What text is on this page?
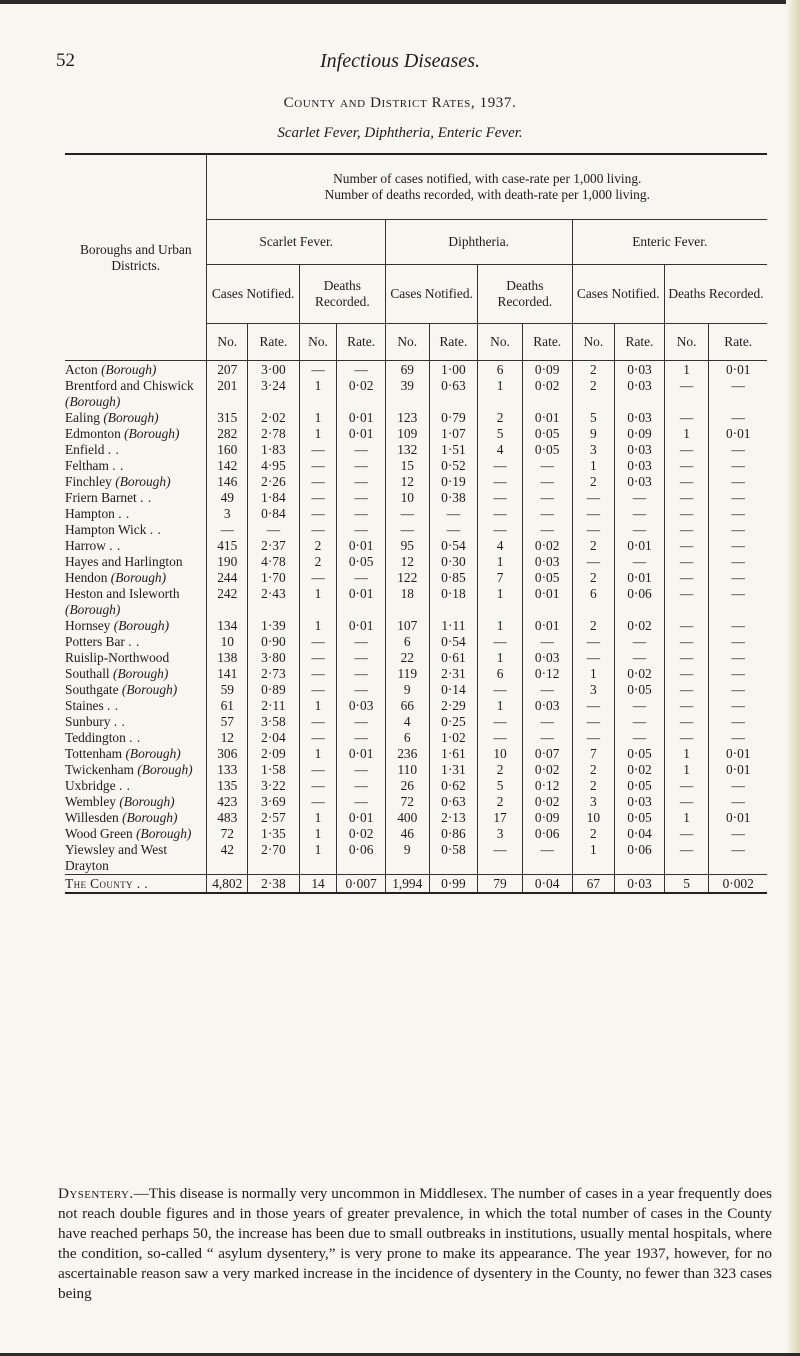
52	Infectious Diseases.
County and District Rates, 1937.
Scarlet Fever, Diphtheria, Enteric Fever.
Boroughs and Urban Districts.	Number of cases notified, with case-rate per 1,000 living.
Number of deaths recorded, with death-rate per 1,000 living.											

	Scarlet Fever.				Diphtheria.				Enteric Fever.			
	Cases Notified.		Deaths Recorded.		Cases Notified.		Deaths Recorded.		Cases Notified.		Deaths Recorded.	
	No.	Rate.	No.	Rate.	No.	Rate.	No.	Rate.	No.	Rate.	No.	Rate.
Acton (Borough)	207	3·00	—	—	69	1·00	6	0·09	2	0·03	1	0·01
Brentford and Chiswick (Borough)	201	3·24	1	0·02	39	0·63	1	0·02	2	0·03	—	—
Ealing (Borough)	315	2·02	1	0·01	123	0·79	2	0·01	5	0·03	—	—
Edmonton (Borough)	282	2·78	1	0·01	109	1·07	5	0·05	9	0·09	1	0·01
Enfield . .	160	1·83	—	—	132	1·51	4	0·05	3	0·03	—	—
Feltham . .	142	4·95	—	—	15	0·52	—	—	1	0·03	—	—
Finchley (Borough)	146	2·26	—	—	12	0·19	—	—	2	0·03	—	—
Friern Barnet . .	49	1·84	—	—	10	0·38	—	—	—	—	—	—
Hampton . .	3	0·84	—	—	—	—	—	—	—	—	—	—
Hampton Wick . .	—	—	—	—	—	—	—	—	—	—	—	—
Harrow . .	415	2·37	2	0·01	95	0·54	4	0·02	2	0·01	—	—
Hayes and Harlington	190	4·78	2	0·05	12	0·30	1	0·03	—	—	—	—
Hendon (Borough)	244	1·70	—	—	122	0·85	7	0·05	2	0·01	—	—
Heston and Isleworth (Borough)	242	2·43	1	0·01	18	0·18	1	0·01	6	0·06	—	—
Hornsey (Borough)	134	1·39	1	0·01	107	1·11	1	0·01	2	0·02	—	—
Potters Bar . .	10	0·90	—	—	6	0·54	—	—	—	—	—	—
Ruislip-Northwood	138	3·80	—	—	22	0·61	1	0·03	—	—	—	—
Southall (Borough)	141	2·73	—	—	119	2·31	6	0·12	1	0·02	—	—
Southgate (Borough)	59	0·89	—	—	9	0·14	—	—	3	0·05	—	—
Staines . .	61	2·11	1	0·03	66	2·29	1	0·03	—	—	—	—
Sunbury . .	57	3·58	—	—	4	0·25	—	—	—	—	—	—
Teddington . .	12	2·04	—	—	6	1·02	—	—	—	—	—	—
Tottenham (Borough)	306	2·09	1	0·01	236	1·61	10	0·07	7	0·05	1	0·01
Twickenham (Borough)	133	1·58	—	—	110	1·31	2	0·02	2	0·02	1	0·01
Uxbridge . .	135	3·22	—	—	26	0·62	5	0·12	2	0·05	—	—
Wembley (Borough)	423	3·69	—	—	72	0·63	2	0·02	3	0·03	—	—
Willesden (Borough)	483	2·57	1	0·01	400	2·13	17	0·09	10	0·05	1	0·01
Wood Green (Borough)	72	1·35	1	0·02	46	0·86	3	0·06	2	0·04	—	—
Yiewsley and West Drayton	42	2·70	1	0·06	9	0·58	—	—	1	0·06	—	—
The County . .	4,802	2·38	14	0·007	1,994	0·99	79	0·04	67	0·03	5	0·002
Dysentery.—This disease is normally very uncommon in Middlesex. The number of cases in a year frequently does not reach double figures and in those years of greater prevalence, in which the total number of cases in the County have reached perhaps 50, the increase has been due to small outbreaks in institutions, usually mental hospitals, where the condition, so-called “ asylum dysentery,” is very prone to make its appearance. The year 1937, however, for no ascertainable reason saw a very marked increase in the incidence of dysentery in the County, no fewer than 323 cases being
